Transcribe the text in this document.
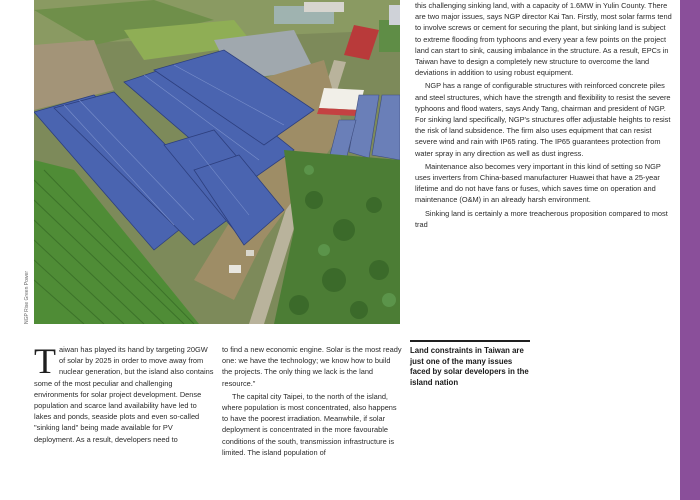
NGP Rise Green Power

this challenging sinking land, with a capacity of 1.6MW in Yulin County. There are two major issues, says NGP director Kai Tan. Firstly, most solar farms tend to involve screws or cement for securing the plant, but sinking land is subject to extreme flooding from typhoons and every year a few points on the project land can start to sink, causing imbalance in the structure. As a result, EPCs in Taiwan have to design a completely new structure to overcome the land deviations in addition to using robust equipment.

NGP has a range of configurable structures with reinforced concrete piles and steel structures, which have the strength and flexibility to resist the severe typhoons and flood waters, says Andy Tang, chairman and president of NGP. For sinking land specifically, NGP's structures offer adjustable heights to resist the risk of land subsidence. The firm also uses equipment that can resist severe wind and rain with IP65 rating. The IP65 guarantees protection from water spray in any direction as well as dust ingress.

Maintenance also becomes very important in this kind of setting so NGP uses inverters from China-based manufacturer Huawei that have a 25-year lifetime and do not have fans or fuses, which saves time on operation and maintenance (O&M) in an already harsh environment.

Sinking land is certainly a more treacherous proposition compared to most trad

Taiwan has played its hand by targeting 20GW of solar by 2025 in order to move away from nuclear generation, but the island also contains some of the most peculiar and challenging environments for solar project development. Dense population and scarce land availability have led to lakes and ponds, seaside plots and even so-called "sinking land" being made available for PV deployment. As a result, developers need to

to find a new economic engine. Solar is the most ready one: we have the technology; we know how to build the projects. The only thing we lack is the land resource."

The capital city Taipei, to the north of the island, where population is most concentrated, also happens to have the poorest irradiation. Meanwhile, if solar deployment is concentrated in the more favourable conditions of the south, transmission infrastructure is limited. The island population of

Land constraints in Taiwan are just one of the many issues faced by solar developers in the island nation
